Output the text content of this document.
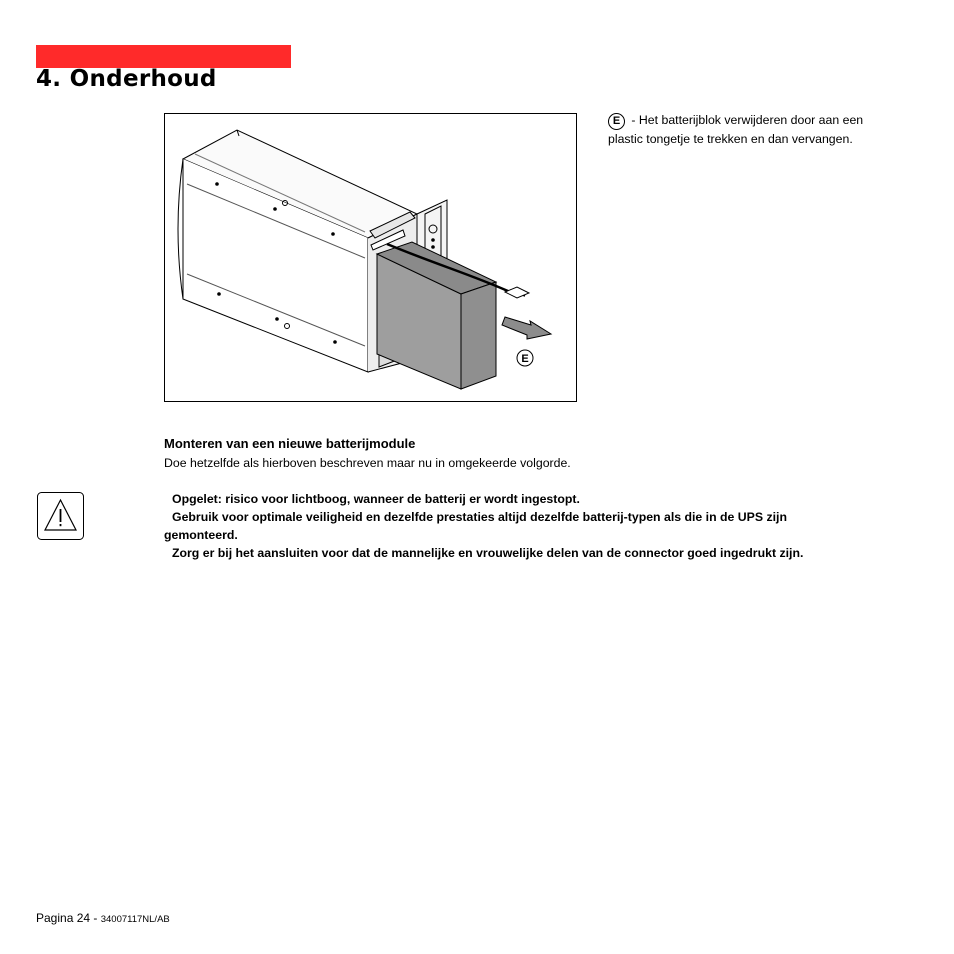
4. Onderhoud
E

E - Het batterijblok verwijderen door aan een plastic tongetje te trekken en dan vervangen.

Monteren van een nieuwe batterijmodule

Doe hetzelfde als hierboven beschreven maar nu in omgekeerde volgorde.

Opgelet: risico voor lichtboog, wanneer de batterij er wordt ingestopt.
Gebruik voor optimale veiligheid en dezelfde prestaties altijd dezelfde batterij-typen als die in de UPS zijn gemonteerd.
Zorg er bij het aansluiten voor dat de mannelijke en vrouwelijke delen van de connector goed ingedrukt zijn.

Pagina 24 - 34007117NL/AB
